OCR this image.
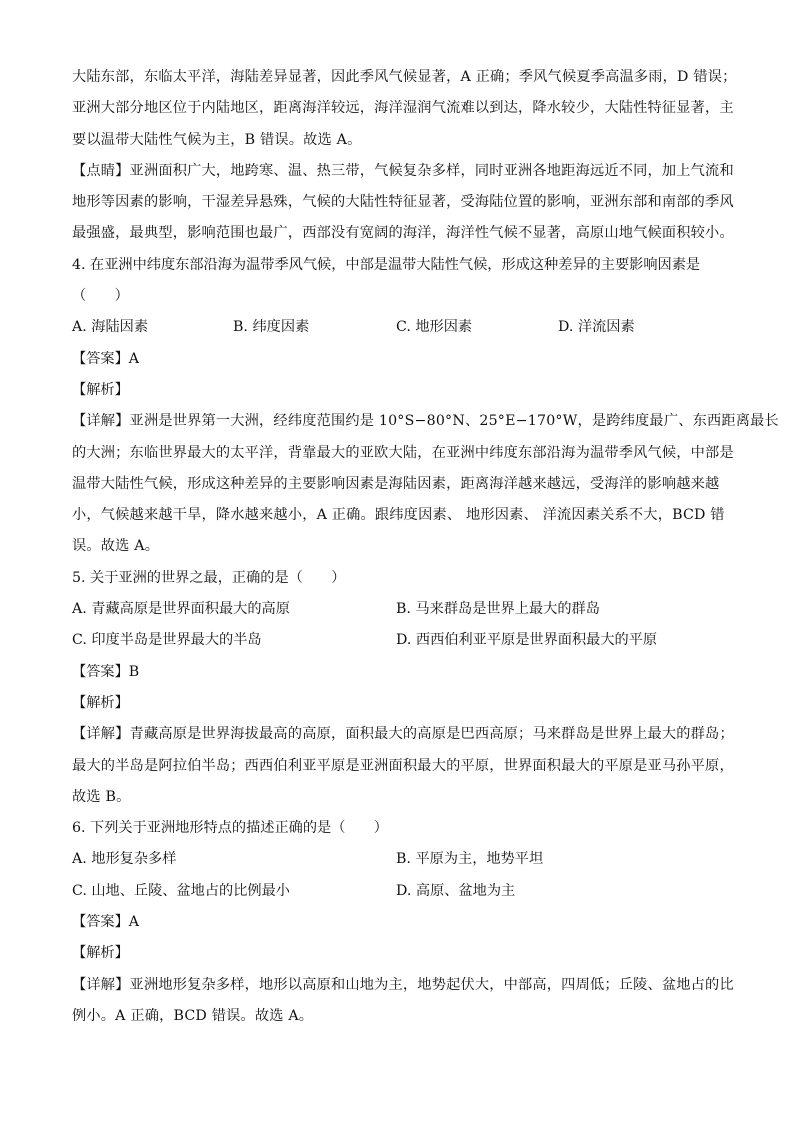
大陆东部，东临太平洋，海陆差异显著，因此季风气候显著，A 正确；季风气候夏季高温多雨，D 错误；
亚洲大部分地区位于内陆地区，距离海洋较远，海洋湿润气流难以到达，降水较少，大陆性特征显著，主
要以温带大陆性气候为主，B 错误。故选 A。
【点睛】亚洲面积广大，地跨寒、温、热三带，气候复杂多样，同时亚洲各地距海远近不同，加上气流和
地形等因素的影响，干湿差异悬殊，气候的大陆性特征显著，受海陆位置的影响，亚洲东部和南部的季风
最强盛，最典型，影响范围也最广，西部没有宽阔的海洋，海洋性气候不显著，高原山地气候面积较小。
4. 在亚洲中纬度东部沿海为温带季风气候，中部是温带大陆性气候，形成这种差异的主要影响因素是
（　　）
A. 海陆因素	B. 纬度因素	C. 地形因素	D. 洋流因素
【答案】A
【解析】
【详解】亚洲是世界第一大洲，经纬度范围约是 10°S−80°N、25°E−170°W，是跨纬度最广、东西距离最长
的大洲；东临世界最大的太平洋，背靠最大的亚欧大陆，在亚洲中纬度东部沿海为温带季风气候，中部是
温带大陆性气候，形成这种差异的主要影响因素是海陆因素，距离海洋越来越远，受海洋的影响越来越
小，气候越来越干旱，降水越来越小，A 正确。跟纬度因素、 地形因素、 洋流因素关系不大，BCD 错
误。故选 A。
5. 关于亚洲的世界之最，正确的是（　　）
A. 青藏高原是世界面积最大的高原	B. 马来群岛是世界上最大的群岛
C. 印度半岛是世界最大的半岛	D. 西西伯利亚平原是世界面积最大的平原
【答案】B
【解析】
【详解】青藏高原是世界海拔最高的高原，面积最大的高原是巴西高原；马来群岛是世界上最大的群岛；
最大的半岛是阿拉伯半岛；西西伯利亚平原是亚洲面积最大的平原，世界面积最大的平原是亚马孙平原，
故选 B。
6. 下列关于亚洲地形特点的描述正确的是（　　）
A. 地形复杂多样	B. 平原为主，地势平坦
C. 山地、丘陵、盆地占的比例最小	D. 高原、盆地为主
【答案】A
【解析】
【详解】亚洲地形复杂多样，地形以高原和山地为主，地势起伏大，中部高，四周低；丘陵、盆地占的比
例小。A 正确，BCD 错误。故选 A。
